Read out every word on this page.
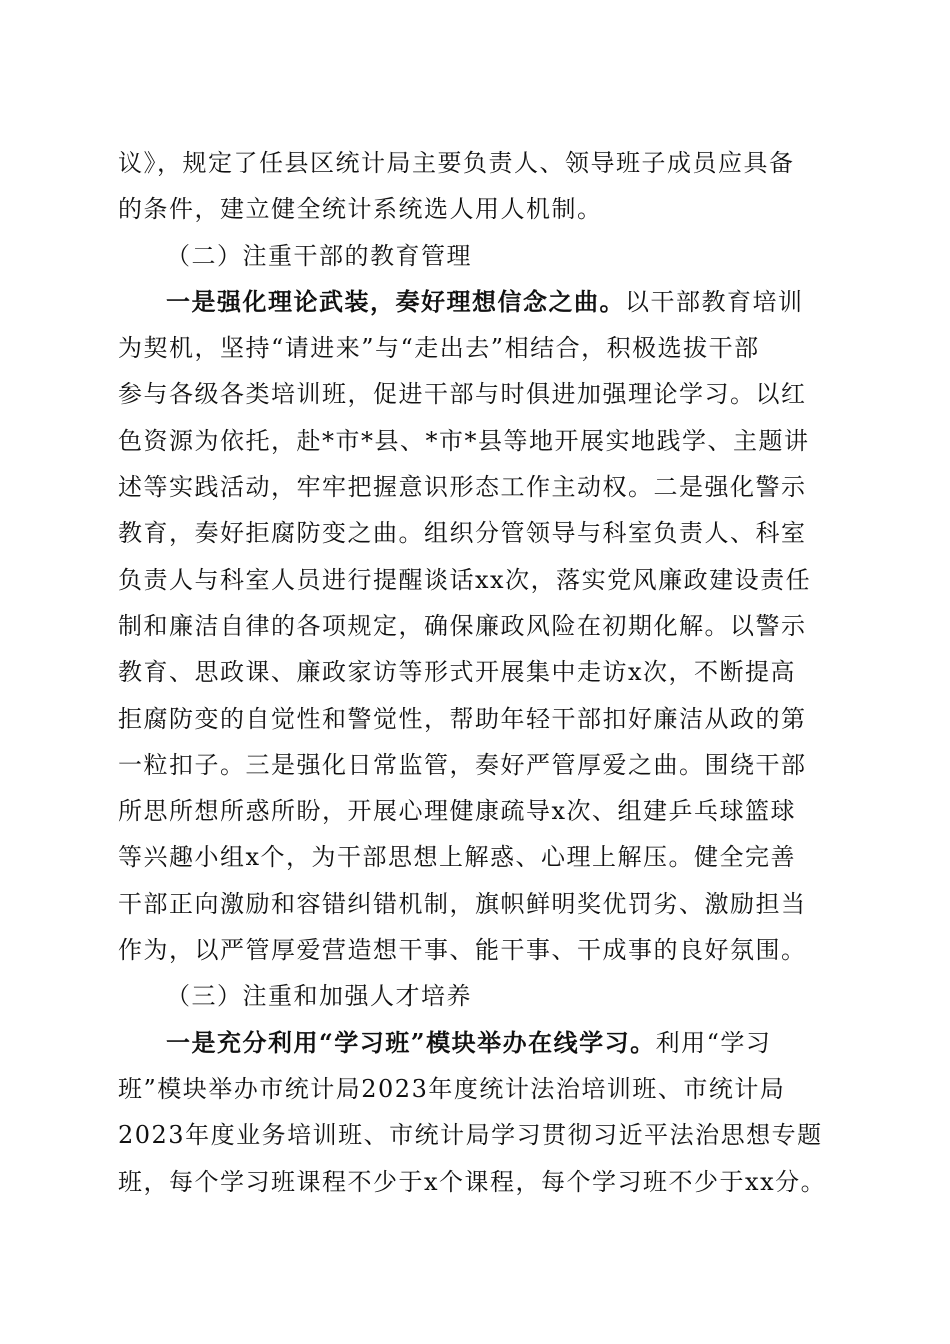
议》，规定了任县区统计局主要负责人、领导班子成员应具备
的条件，建立健全统计系统选人用人机制。
（二）注重干部的教育管理
一是强化理论武装，奏好理想信念之曲。以干部教育培训
为契机，坚持“请进来”与“走出去”相结合，积极选拔干部
参与各级各类培训班，促进干部与时俱进加强理论学习。以红
色资源为依托，赴*市*县、*市*县等地开展实地践学、主题讲
述等实践活动，牢牢把握意识形态工作主动权。二是强化警示
教育，奏好拒腐防变之曲。组织分管领导与科室负责人、科室
负责人与科室人员进行提醒谈话xx次，落实党风廉政建设责任
制和廉洁自律的各项规定，确保廉政风险在初期化解。以警示
教育、思政课、廉政家访等形式开展集中走访x次，不断提高
拒腐防变的自觉性和警觉性，帮助年轻干部扣好廉洁从政的第
一粒扣子。三是强化日常监管，奏好严管厚爱之曲。围绕干部
所思所想所惑所盼，开展心理健康疏导x次、组建乒乓球篮球
等兴趣小组x个，为干部思想上解惑、心理上解压。健全完善
干部正向激励和容错纠错机制，旗帜鲜明奖优罚劣、激励担当
作为，以严管厚爱营造想干事、能干事、干成事的良好氛围。
（三）注重和加强人才培养
一是充分利用“学习班”模块举办在线学习。利用“学习
班”模块举办市统计局2023年度统计法治培训班、市统计局
2023年度业务培训班、市统计局学习贯彻习近平法治思想专题
班，每个学习班课程不少于x个课程，每个学习班不少于xx分。
